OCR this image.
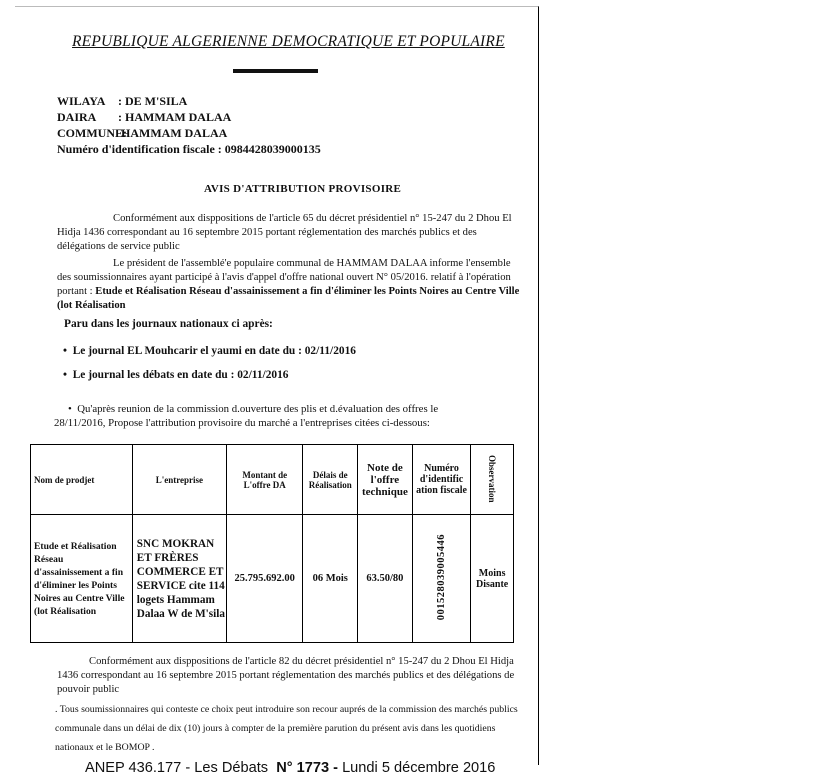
REPUBLIQUE ALGERIENNE DEMOCRATIQUE ET POPULAIRE
WILAYA : DE M'SILA
DAIRA : HAMMAM DALAA
COMMUNE: HAMMAM DALAA
Numéro d'identification fiscale : 0984428039000135
AVIS D'ATTRIBUTION PROVISOIRE
Conformément aux disppositions de l'article 65 du décret présidentiel n° 15-247 du 2 Dhou El Hidja 1436 correspondant au 16 septembre 2015 portant réglementation des marchés publics et des délégations de service public
Le président de l'assemblé'e populaire communal de HAMMAM DALAA informe l'ensemble des soumissionnaires ayant participé à l'avis d'appel d'offre national ouvert N° 05/2016. relatif à l'opération portant : Etude et Réalisation Réseau d'assainissement a fin d'éliminer les Points Noires au Centre Ville (lot Réalisation
Paru dans les journaux nationaux ci après:
•  Le journal EL Mouhcarir el yaumi en date du : 02/11/2016
•  Le journal les débats en date du : 02/11/2016
•  Qu'après reunion de la commission d.ouverture des plis et d.évaluation des offres le 28/11/2016, Propose l'attribution provisoire du marché a l'entreprises citées ci-dessous:
Nom de prodjet	L'entreprise	Montant de L'offre DA	Délais de Réalisation	Note de l'offre technique	Numéro d'identific ation fiscale	Observation
Etude et Réalisation Réseau d'assainissement a fin d'éliminer les Points Noires au Centre Ville (lot Réalisation	SNC MOKRAN ET FRÈRES COMMERCE ET SERVICE cite 114 logets Hammam Dalaa W de M'sila	25.795.692.00	06 Mois	63.50/80	001528039005446	Moins Disante
Conformément aux disppositions de l'article 82 du décret présidentiel n° 15-247 du 2 Dhou El Hidja 1436 correspondant au 16 septembre 2015 portant réglementation des marchés publics et des délégations de pouvoir public
. Tous soumissionnaires qui conteste ce choix peut introduire son recour auprés de la commission des marchés publics communale dans un délai de dix (10) jours à compter de la première parution du présent avis dans les quotidiens nationaux et le BOMOP .
ANEP 436.177 - Les Débats N° 1773 - Lundi 5 décembre 2016
